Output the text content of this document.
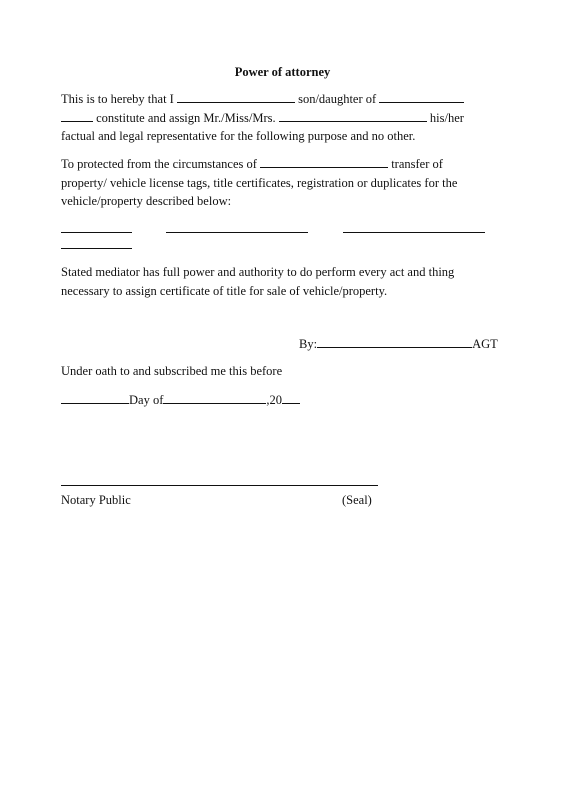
Power of attorney
This is to hereby that I	son/daughter of
constitute and assign Mr./Miss/Mrs.	his/her
factual and legal representative for the following purpose and no other.
To protected from the circumstances of	transfer of
property/ vehicle license tags, title certificates, registration or duplicates for the
vehicle/property described below:
Stated mediator has full power and authority to do perform every act and thing
necessary to assign certificate of title for sale of vehicle/property.
By:	AGT
Under oath to and subscribed me this before
Day of	,20
Notary Public	(Seal)
